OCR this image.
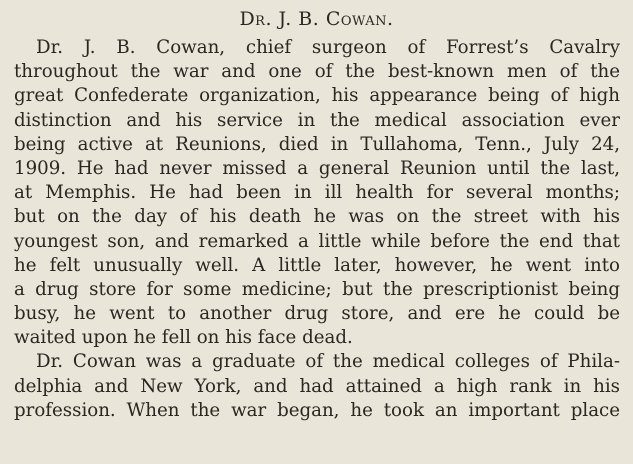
Dr. J. B. Cowan.
Dr. J. B. Cowan, chief surgeon of Forrest’s Cavalry
throughout the war and one of the best-known men of the
great Confederate organization, his appearance being of high
distinction and his service in the medical association ever
being active at Reunions, died in Tullahoma, Tenn., July 24,
1909. He had never missed a general Reunion until the last,
at Memphis. He had been in ill health for several months;
but on the day of his death he was on the street with his
youngest son, and remarked a little while before the end that
he felt unusually well. A little later, however, he went into
a drug store for some medicine; but the prescriptionist being
busy, he went to another drug store, and ere he could be
waited upon he fell on his face dead.
Dr. Cowan was a graduate of the medical colleges of Phila-
delphia and New York, and had attained a high rank in his
profession. When the war began, he took an important place
